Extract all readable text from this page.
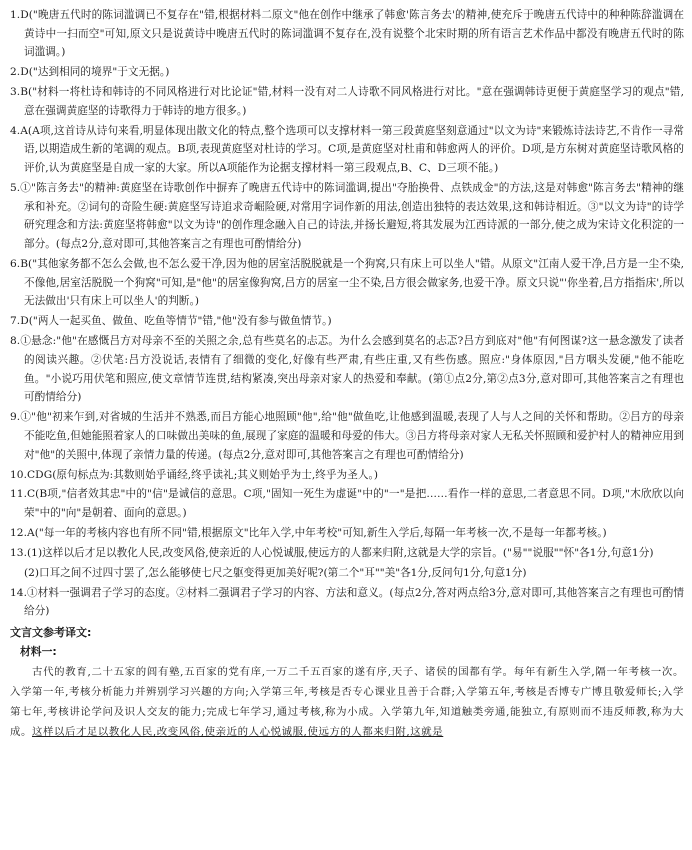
1.D("晚唐五代时的陈词滥调已不复存在"错,根据材料二原文"他在创作中继承了韩愈'陈言务去'的精神,使充斥于晚唐五代诗中的种种陈辞滥调在黄诗中一扫而空"可知,原文只是说黄诗中晚唐五代时的陈词滥调不复存在,没有说整个北宋时期的所有语言艺术作品中都没有晚唐五代时的陈词滥调。)

2.D("达到相同的境界"于文无据。)

3.B("材料一将杜诗和韩诗的不同风格进行对比论证"错,材料一没有对二人诗歌不同风格进行对比。"意在强调韩诗更便于黄庭坚学习的观点"错,意在强调黄庭坚的诗歌得力于韩诗的地方很多。)

4.A(A项,这首诗从诗句来看,明显体现出散文化的特点,整个选项可以支撑材料一第三段黄庭坚刻意通过"以文为诗"来锻炼诗法诗艺,不肯作一寻常语,以期造成生新的笔调的观点。B项,表现黄庭坚对杜诗的学习。C项,是黄庭坚对杜甫和韩愈两人的评价。D项,是方东树对黄庭坚诗歌风格的评价,认为黄庭坚是自成一家的大家。所以A项能作为论据支撑材料一第三段观点,B、C、D三项不能。)

5.①"陈言务去"的精神:黄庭坚在诗歌创作中摒弃了晚唐五代诗中的陈词滥调,提出"夺胎换骨、点铁成金"的方法,这是对韩愈"陈言务去"精神的继承和补充。②词句的奇险生硬:黄庭坚写诗追求奇崛险硬,对常用字词作新的用法,创造出独特的表达效果,这和韩诗相近。③"以文为诗"的诗学研究理念和方法:黄庭坚将韩愈"以文为诗"的创作理念融入自己的诗法,并扬长避短,将其发展为江西诗派的一部分,使之成为宋诗文化积淀的一部分。(每点2分,意对即可,其他答案言之有理也可酌情给分)

6.B("其他家务都不怎么会做,也不怎么爱干净,因为他的居室活脱脱就是一个狗窝,只有床上可以坐人"错。从原文"江南人爱干净,吕方是一尘不染,不像他,居室活脱脱一个狗窝"可知,是"他"的居室像狗窝,吕方的居室一尘不染,吕方很会做家务,也爱干净。原文只说"'你坐着,吕方指指床',所以无法做出'只有床上可以坐人'的判断。)

7.D("两人一起买鱼、做鱼、吃鱼等情节"错,"他"没有参与做鱼情节。)

8.①悬念:"他"在感慨吕方对母亲不至的关照之余,总有些莫名的忐忑。为什么会感到莫名的忐忑?吕方到底对"他"有何图谋?这一悬念激发了读者的阅读兴趣。②伏笔:吕方没说话,表情有了细微的变化,好像有些严肃,有些庄重,又有些伤感。照应:"身体原因,"吕方咽头发硬,"他不能吃鱼。"小说巧用伏笔和照应,使文章情节连贯,结构紧凑,突出母亲对家人的热爱和奉献。(第①点2分,第②点3分,意对即可,其他答案言之有理也可酌情给分)

9.①"他"初来乍到,对省城的生活并不熟悉,而吕方能心地照顾"他",给"他"做鱼吃,让他感到温暖,表现了人与人之间的关怀和帮助。②吕方的母亲不能吃鱼,但她能照着家人的口味做出美味的鱼,展现了家庭的温暖和母爱的伟大。③吕方将母亲对家人无私关怀照顾和爱护村人的精神应用到对"他"的关照中,体现了亲情力量的传递。(每点2分,意对即可,其他答案言之有理也可酌情给分)

10.CDG(原句标点为:其数则始乎诵经,终乎读礼;其义则始乎为士,终乎为圣人。)

11.C(B项,"信者效其忠"中的"信"是诚信的意思。C项,"固知一死生为虚诞"中的"一"是把……看作一样的意思,二者意思不同。D项,"木欣欣以向荣"中的"向"是朝着、面向的意思。)

12.A("每一年的考核内容也有所不同"错,根据原文"比年入学,中年考校"可知,新生入学后,每隔一年考核一次,不是每一年都考核。)

13.(1)这样以后才足以教化人民,改变风俗,使亲近的人心悦诚服,使远方的人都来归附,这就是大学的宗旨。("易""说服""怀"各1分,句意1分)

(2)口耳之间不过四寸罢了,怎么能够使七尺之躯变得更加美好呢?(第二个"耳""美"各1分,反问句1分,句意1分)

14.①材料一强调君子学习的态度。②材料二强调君子学习的内容、方法和意义。(每点2分,答对两点给3分,意对即可,其他答案言之有理也可酌情给分)

文言文参考译文:
材料一:

古代的教育,二十五家的闾有塾,五百家的党有庠,一万二千五百家的遂有序,天子、诸侯的国都有学。每年有新生入学,隔一年考核一次。入学第一年,考核分析能力并辨别学习兴趣的方向;入学第三年,考核是否专心课业且善于合群;入学第五年,考核是否博专广博且敬爱师长;入学第七年,考核讲论学问及识人交友的能力;完成七年学习,通过考核,称为小成。入学第九年,知道触类旁通,能独立,有原则而不违反师教,称为大成。这样以后才足以教化人民,改变风俗,使亲近的人心悦诚服,使远方的人都来归附,这就是
